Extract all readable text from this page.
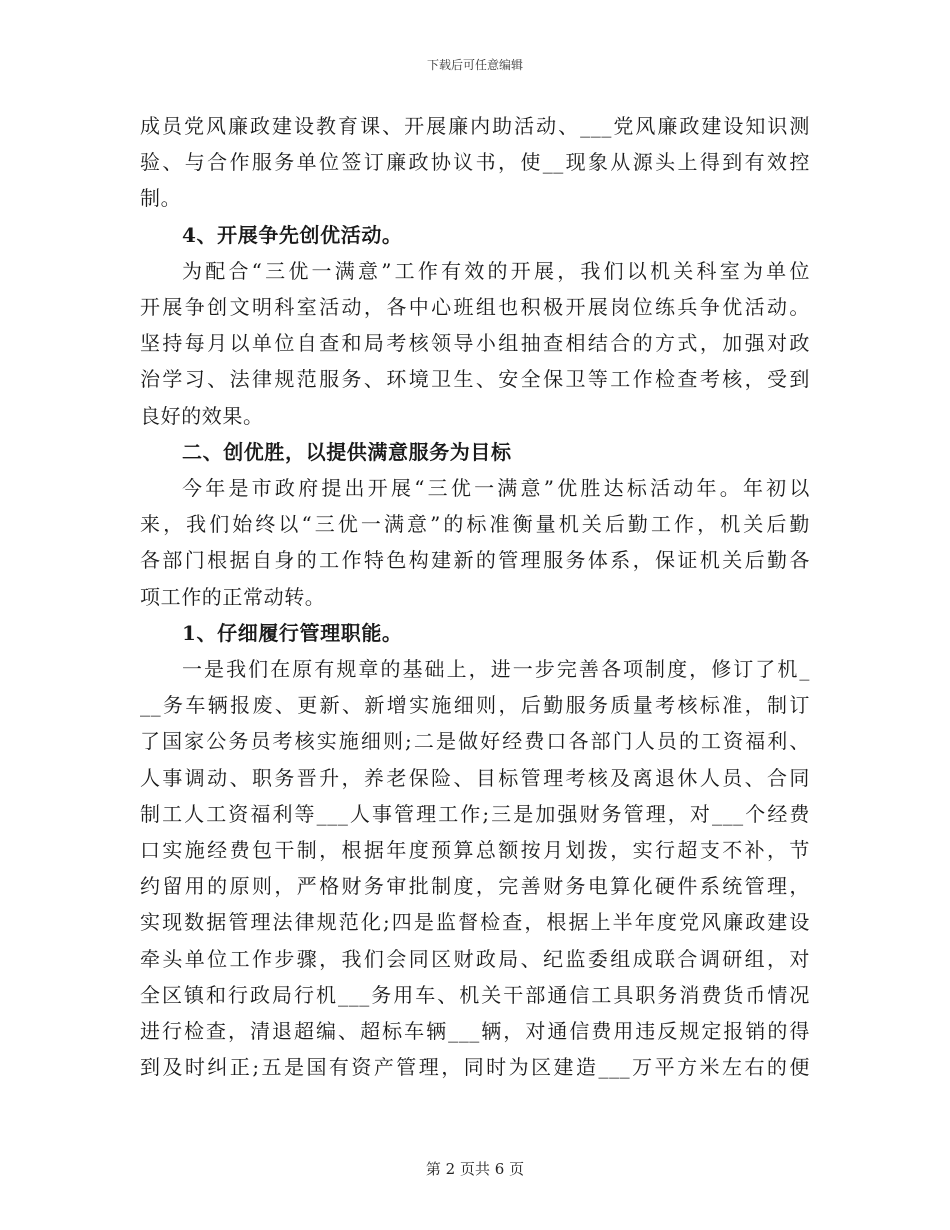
下载后可任意编辑
成员党风廉政建设教育课、开展廉内助活动、___党风廉政建设知识测
验、与合作服务单位签订廉政协议书，使__现象从源头上得到有效控
制。
4、开展争先创优活动。
为配合“三优一满意”工作有效的开展，我们以机关科室为单位
开展争创文明科室活动，各中心班组也积极开展岗位练兵争优活动。
坚持每月以单位自查和局考核领导小组抽查相结合的方式，加强对政
治学习、法律规范服务、环境卫生、安全保卫等工作检查考核，受到
良好的效果。
二、创优胜，以提供满意服务为目标
今年是市政府提出开展“三优一满意”优胜达标活动年。年初以
来，我们始终以“三优一满意”的标准衡量机关后勤工作，机关后勤
各部门根据自身的工作特色构建新的管理服务体系，保证机关后勤各
项工作的正常动转。
1、仔细履行管理职能。
一是我们在原有规章的基础上，进一步完善各项制度，修订了机_
__务车辆报废、更新、新增实施细则，后勤服务质量考核标准，制订
了国家公务员考核实施细则;二是做好经费口各部门人员的工资福利、
人事调动、职务晋升，养老保险、目标管理考核及离退休人员、合同
制工人工资福利等___人事管理工作;三是加强财务管理，对___个经费
口实施经费包干制，根据年度预算总额按月划拨，实行超支不补，节
约留用的原则，严格财务审批制度，完善财务电算化硬件系统管理，
实现数据管理法律规范化;四是监督检查，根据上半年度党风廉政建设
牵头单位工作步骤，我们会同区财政局、纪监委组成联合调研组，对
全区镇和行政局行机___务用车、机关干部通信工具职务消费货币情况
进行检查，清退超编、超标车辆___辆，对通信费用违反规定报销的得
到及时纠正;五是国有资产管理，同时为区建造___万平方米左右的便
第 2 页共 6 页
